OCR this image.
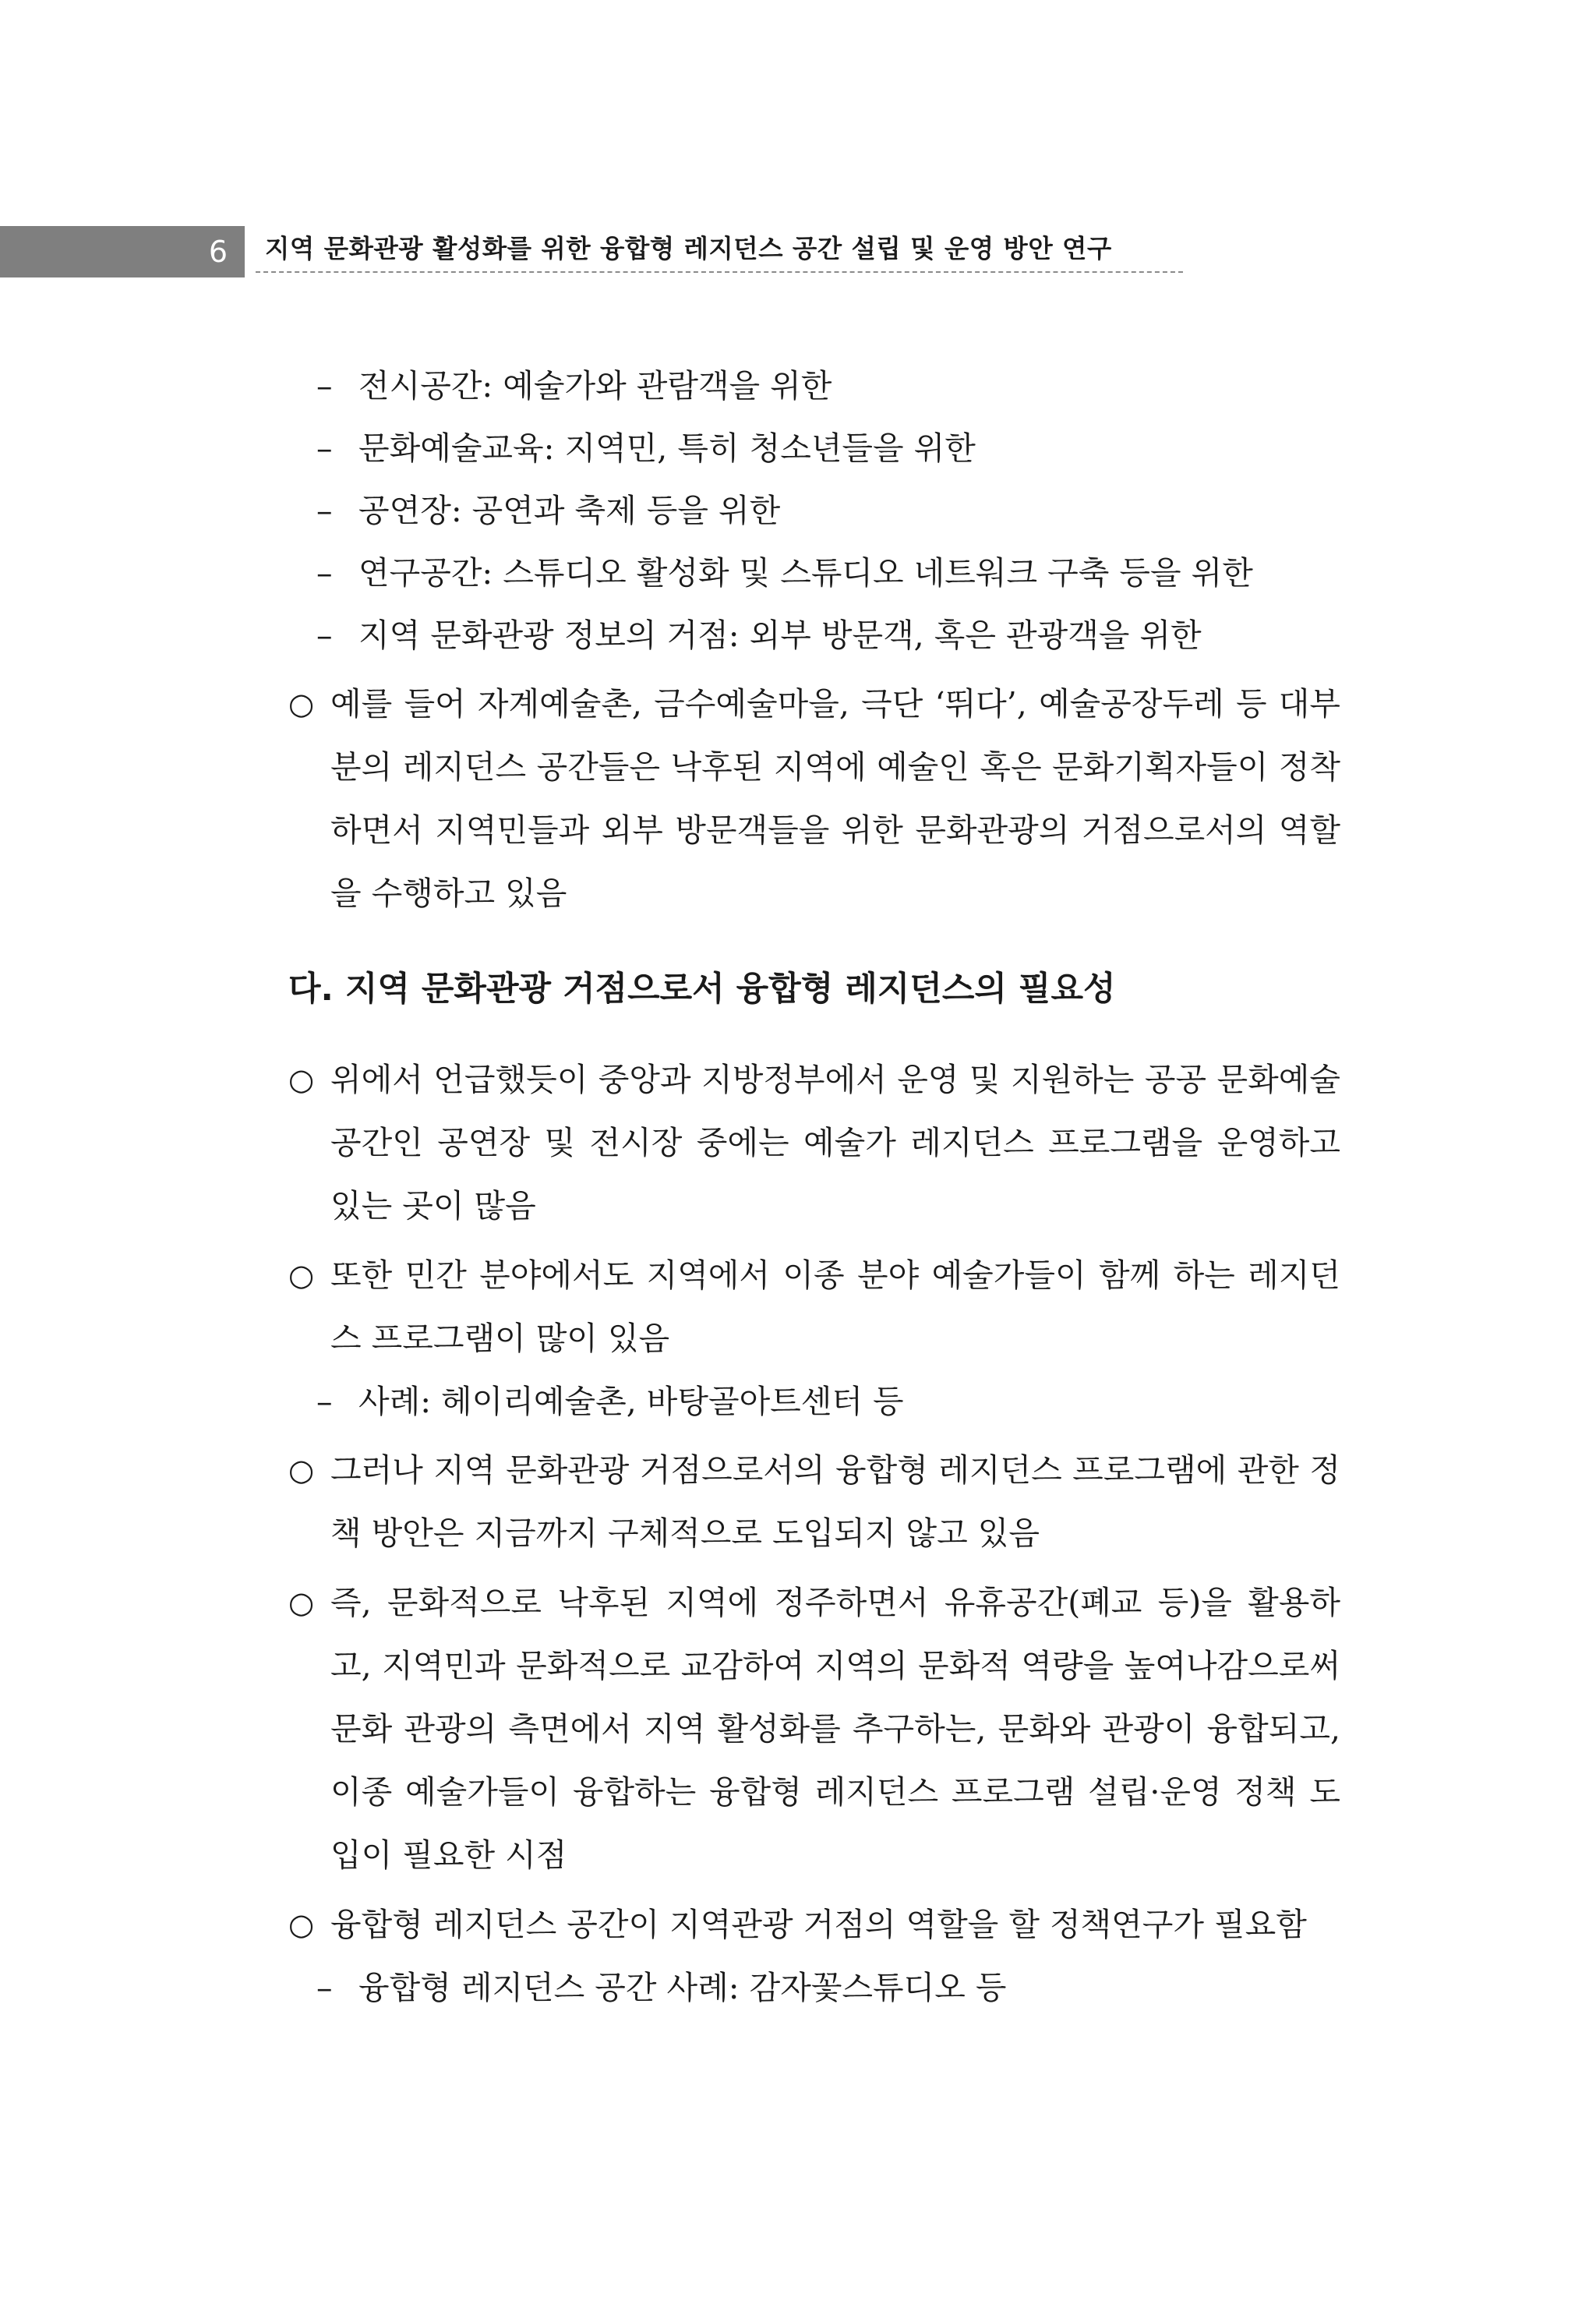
6 지역 문화관광 활성화를 위한 융합형 레지던스 공간 설립 및 운영 방안 연구
– 전시공간: 예술가와 관람객을 위한
– 문화예술교육: 지역민, 특히 청소년들을 위한
– 공연장: 공연과 축제 등을 위한
– 연구공간: 스튜디오 활성화 및 스튜디오 네트워크 구축 등을 위한
– 지역 문화관광 정보의 거점: 외부 방문객, 혹은 관광객을 위한
○ 예를 들어 자계예술촌, 금수예술마을, 극단 ‘뛰다’, 예술공장두레 등 대부분의 레지던스 공간들은 낙후된 지역에 예술인 혹은 문화기획자들이 정착하면서 지역민들과 외부 방문객들을 위한 문화관광의 거점으로서의 역할을 수행하고 있음
다. 지역 문화관광 거점으로서 융합형 레지던스의 필요성
○ 위에서 언급했듯이 중앙과 지방정부에서 운영 및 지원하는 공공 문화예술 공간인 공연장 및 전시장 중에는 예술가 레지던스 프로그램을 운영하고 있는 곳이 많음
○ 또한 민간 분야에서도 지역에서 이종 분야 예술가들이 함께 하는 레지던스 프로그램이 많이 있음
– 사례: 헤이리예술촌, 바탕골아트센터 등
○ 그러나 지역 문화관광 거점으로서의 융합형 레지던스 프로그램에 관한 정책 방안은 지금까지 구체적으로 도입되지 않고 있음
○ 즉, 문화적으로 낙후된 지역에 정주하면서 유휴공간(폐교 등)을 활용하고, 지역민과 문화적으로 교감하여 지역의 문화적 역량을 높여나감으로써 문화 관광의 측면에서 지역 활성화를 추구하는, 문화와 관광이 융합되고, 이종 예술가들이 융합하는 융합형 레지던스 프로그램 설립·운영 정책 도입이 필요한 시점
○ 융합형 레지던스 공간이 지역관광 거점의 역할을 할 정책연구가 필요함
– 융합형 레지던스 공간 사례: 감자꽃스튜디오 등
